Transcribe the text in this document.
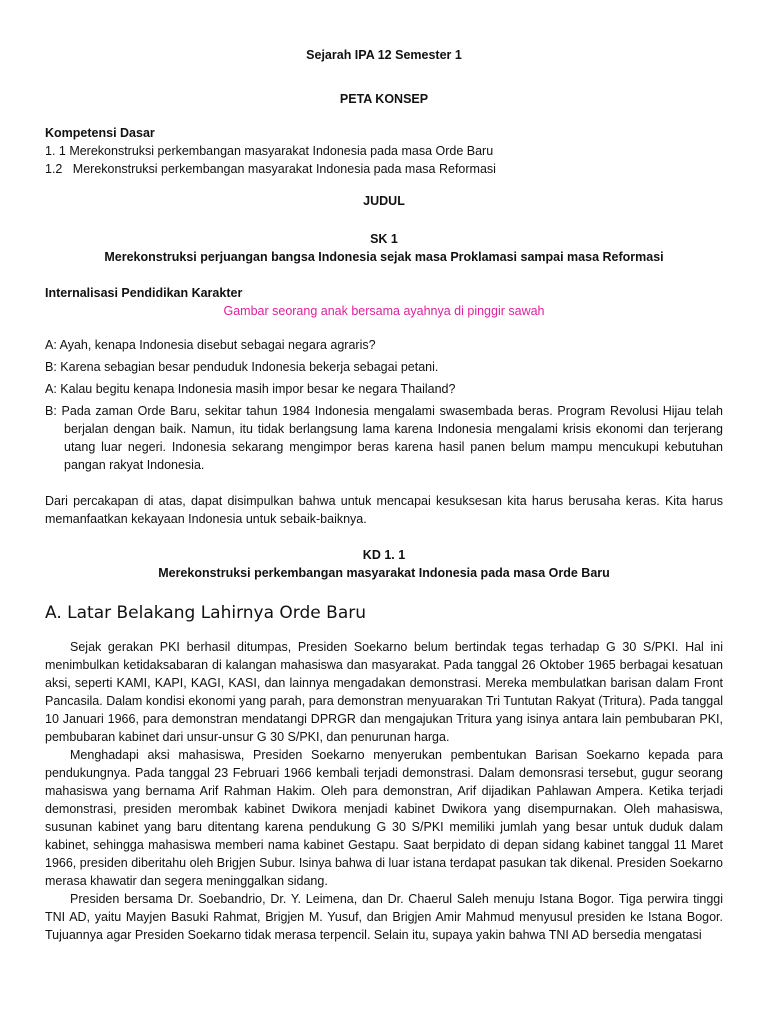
Sejarah IPA 12 Semester 1
PETA KONSEP
Kompetensi Dasar
1. 1 Merekonstruksi perkembangan masyarakat Indonesia pada masa Orde Baru
1.2   Merekonstruksi perkembangan masyarakat Indonesia pada masa Reformasi
JUDUL
SK 1
Merekonstruksi perjuangan bangsa Indonesia sejak masa Proklamasi sampai masa Reformasi
Internalisasi Pendidikan Karakter
Gambar seorang anak bersama ayahnya di pinggir sawah
A: Ayah, kenapa Indonesia disebut sebagai negara agraris?
B: Karena sebagian besar penduduk Indonesia bekerja sebagai petani.
A: Kalau begitu kenapa Indonesia masih impor besar ke negara Thailand?
B: Pada zaman Orde Baru, sekitar tahun 1984 Indonesia mengalami swasembada beras. Program Revolusi Hijau telah berjalan dengan baik. Namun, itu tidak berlangsung lama karena Indonesia mengalami krisis ekonomi dan terjerang utang luar negeri. Indonesia sekarang mengimpor beras karena hasil panen belum mampu mencukupi kebutuhan pangan rakyat Indonesia.
Dari percakapan di atas, dapat disimpulkan bahwa untuk mencapai kesuksesan kita harus berusaha keras. Kita harus memanfaatkan kekayaan Indonesia untuk sebaik-baiknya.
KD 1. 1
Merekonstruksi perkembangan masyarakat Indonesia pada masa Orde Baru
A. Latar Belakang Lahirnya Orde Baru
Sejak gerakan PKI berhasil ditumpas, Presiden Soekarno belum bertindak tegas terhadap G 30 S/PKI. Hal ini menimbulkan ketidaksabaran di kalangan mahasiswa dan masyarakat. Pada tanggal 26 Oktober 1965 berbagai kesatuan aksi, seperti KAMI, KAPI, KAGI, KASI, dan lainnya mengadakan demonstrasi. Mereka membulatkan barisan dalam Front Pancasila. Dalam kondisi ekonomi yang parah, para demonstran menyuarakan Tri Tuntutan Rakyat (Tritura). Pada tanggal 10 Januari 1966, para demonstran mendatangi DPRGR dan mengajukan Tritura yang isinya antara lain pembubaran PKI, pembubaran kabinet dari unsur-unsur G 30 S/PKI, dan penurunan harga.
Menghadapi aksi mahasiswa, Presiden Soekarno menyerukan pembentukan Barisan Soekarno kepada para pendukungnya. Pada tanggal 23 Februari 1966 kembali terjadi demonstrasi. Dalam demonsrasi tersebut, gugur seorang mahasiswa yang bernama Arif Rahman Hakim. Oleh para demonstran, Arif dijadikan Pahlawan Ampera. Ketika terjadi demonstrasi, presiden merombak kabinet Dwikora menjadi kabinet Dwikora yang disempurnakan. Oleh mahasiswa, susunan kabinet yang baru ditentang karena pendukung G 30 S/PKI memiliki jumlah yang besar untuk duduk dalam kabinet, sehingga mahasiswa memberi nama kabinet Gestapu. Saat berpidato di depan sidang kabinet tanggal 11 Maret 1966, presiden diberitahu oleh Brigjen Subur. Isinya bahwa di luar istana terdapat pasukan tak dikenal. Presiden Soekarno merasa khawatir dan segera meninggalkan sidang.
Presiden bersama Dr. Soebandrio, Dr. Y. Leimena, dan Dr. Chaerul Saleh menuju Istana Bogor. Tiga perwira tinggi TNI AD, yaitu Mayjen Basuki Rahmat, Brigjen M. Yusuf, dan Brigjen Amir Mahmud menyusul presiden ke Istana Bogor. Tujuannya agar Presiden Soekarno tidak merasa terpencil. Selain itu, supaya yakin bahwa TNI AD bersedia mengatasi
